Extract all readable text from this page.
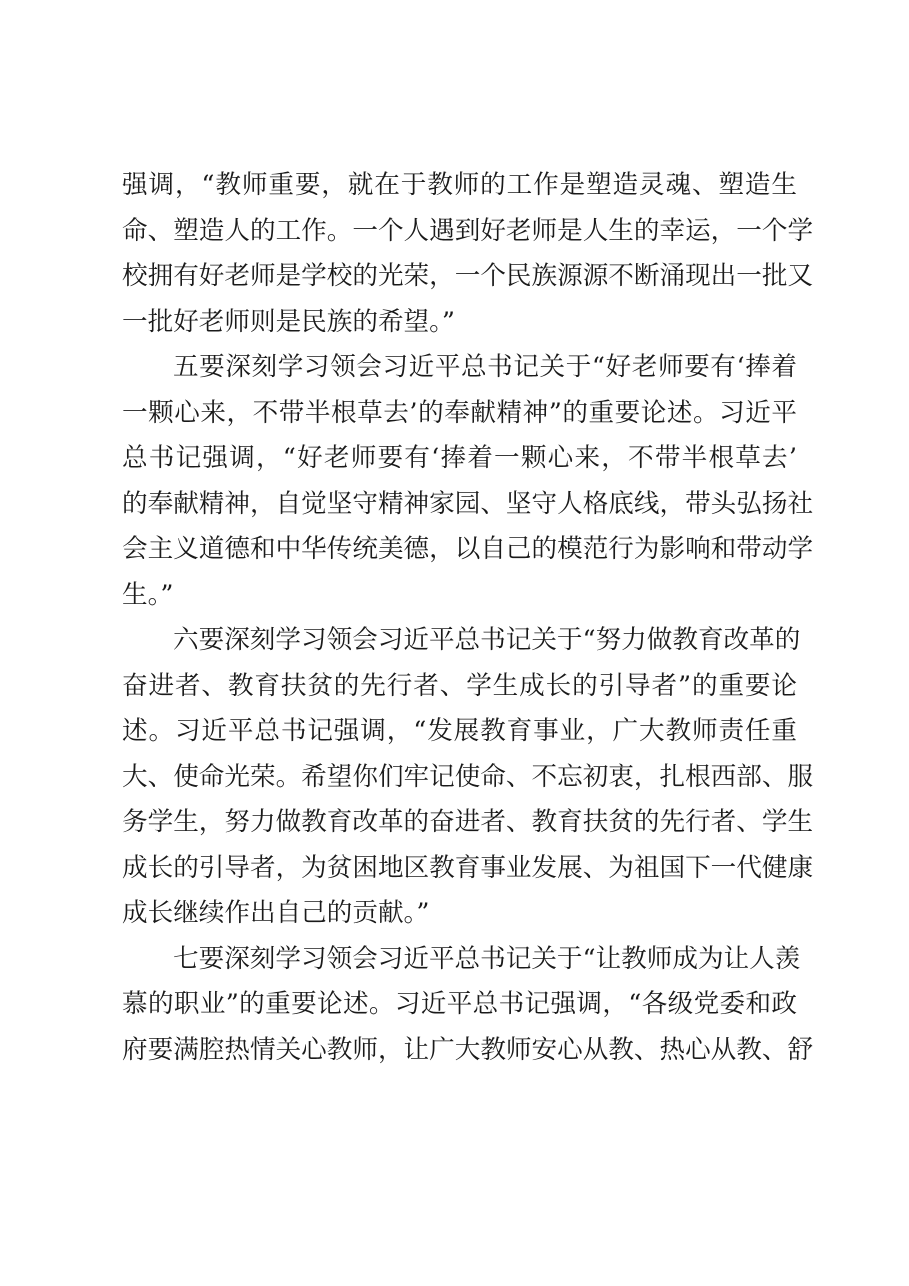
强调，“教师重要，就在于教师的工作是塑造灵魂、塑造生
命、塑造人的工作。一个人遇到好老师是人生的幸运，一个学
校拥有好老师是学校的光荣，一个民族源源不断涌现出一批又
一批好老师则是民族的希望。”
五要深刻学习领会习近平总书记关于“好老师要有‘捧着
一颗心来，不带半根草去’的奉献精神”的重要论述。习近平
总书记强调，“好老师要有‘捧着一颗心来，不带半根草去’
的奉献精神，自觉坚守精神家园、坚守人格底线，带头弘扬社
会主义道德和中华传统美德，以自己的模范行为影响和带动学
生。”
六要深刻学习领会习近平总书记关于“努力做教育改革的
奋进者、教育扶贫的先行者、学生成长的引导者”的重要论
述。习近平总书记强调，“发展教育事业，广大教师责任重
大、使命光荣。希望你们牢记使命、不忘初衷，扎根西部、服
务学生，努力做教育改革的奋进者、教育扶贫的先行者、学生
成长的引导者，为贫困地区教育事业发展、为祖国下一代健康
成长继续作出自己的贡献。”
七要深刻学习领会习近平总书记关于“让教师成为让人羡
慕的职业”的重要论述。习近平总书记强调，“各级党委和政
府要满腔热情关心教师，让广大教师安心从教、热心从教、舒
